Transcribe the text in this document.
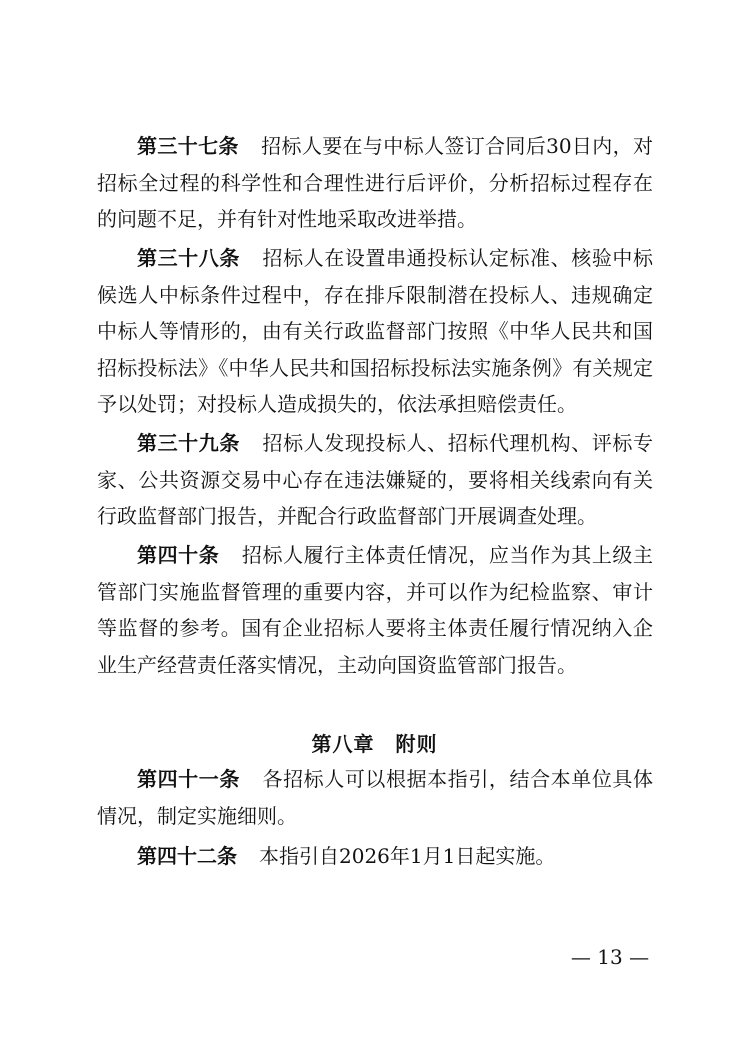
第三十七条 招标人要在与中标人签订合同后30日内，对招标全过程的科学性和合理性进行后评价，分析招标过程存在的问题不足，并有针对性地采取改进举措。

第三十八条 招标人在设置串通投标认定标准、核验中标候选人中标条件过程中，存在排斥限制潜在投标人、违规确定中标人等情形的，由有关行政监督部门按照《中华人民共和国招标投标法》《中华人民共和国招标投标法实施条例》有关规定予以处罚；对投标人造成损失的，依法承担赔偿责任。

第三十九条 招标人发现投标人、招标代理机构、评标专家、公共资源交易中心存在违法嫌疑的，要将相关线索向有关行政监督部门报告，并配合行政监督部门开展调查处理。

第四十条 招标人履行主体责任情况，应当作为其上级主管部门实施监督管理的重要内容，并可以作为纪检监察、审计等监督的参考。国有企业招标人要将主体责任履行情况纳入企业生产经营责任落实情况，主动向国资监管部门报告。

第八章　附则

第四十一条 各招标人可以根据本指引，结合本单位具体情况，制定实施细则。

第四十二条 本指引自2026年1月1日起实施。

— 13 —
